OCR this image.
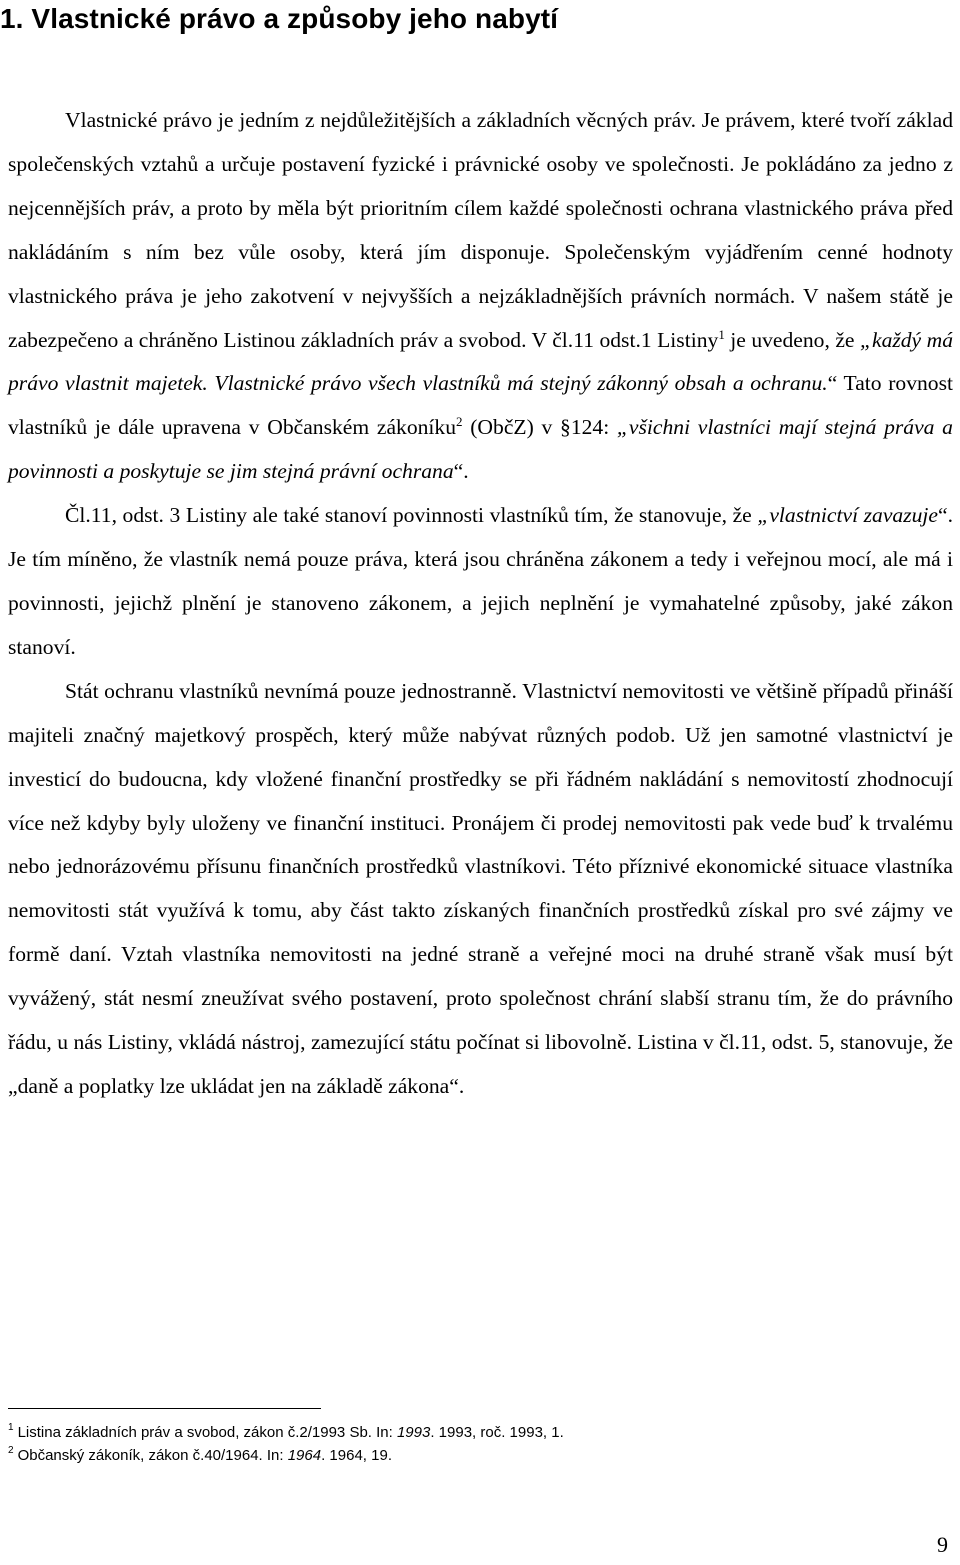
1. Vlastnické právo a způsoby jeho nabytí

Vlastnické právo je jedním z nejdůležitějších a základních věcných práv. Je právem, které tvoří základ společenských vztahů a určuje postavení fyzické i právnické osoby ve společnosti. Je pokládáno za jedno z nejcennějších práv, a proto by měla být prioritním cílem každé společnosti ochrana vlastnického práva před nakládáním s ním bez vůle osoby, která jím disponuje. Společenským vyjádřením cenné hodnoty vlastnického práva je jeho zakotvení v nejvyšších a nejzákladnějších právních normách. V našem státě je zabezpečeno a chráněno Listinou základních práv a svobod. V čl.11 odst.1 Listiny$^1$ je uvedeno, že „každý má právo vlastnit majetek. Vlastnické právo všech vlastníků má stejný zákonný obsah a ochranu.“ Tato rovnost vlastníků je dále upravena v Občanském zákoníku$^2$ (ObčZ) v §124: „všichni vlastníci mají stejná práva a povinnosti a poskytuje se jim stejná právní ochrana“.

Čl.11, odst. 3 Listiny ale také stanoví povinnosti vlastníků tím, že stanovuje, že „vlastnictví zavazuje“. Je tím míněno, že vlastník nemá pouze práva, která jsou chráněna zákonem a tedy i veřejnou mocí, ale má i povinnosti, jejichž plnění je stanoveno zákonem, a jejich neplnění je vymahatelné způsoby, jaké zákon stanoví.

Stát ochranu vlastníků nevnímá pouze jednostranně. Vlastnictví nemovitosti ve většině případů přináší majiteli značný majetkový prospěch, který může nabývat různých podob. Už jen samotné vlastnictví je investicí do budoucna, kdy vložené finanční prostředky se při řádném nakládání s nemovitostí zhodnocují více než kdyby byly uloženy ve finanční instituci. Pronájem či prodej nemovitosti pak vede buď k trvalému nebo jednorázovému přísunu finančních prostředků vlastníkovi. Této příznivé ekonomické situace vlastníka nemovitosti stát využívá k tomu, aby část takto získaných finančních prostředků získal pro své zájmy ve formě daní. Vztah vlastníka nemovitosti na jedné straně a veřejné moci na druhé straně však musí být vyvážený, stát nesmí zneužívat svého postavení, proto společnost chrání slabší stranu tím, že do právního řádu, u nás Listiny, vkládá nástroj, zamezující státu počínat si libovolně. Listina v čl.11, odst. 5, stanovuje, že „daně a poplatky lze ukládat jen na základě zákona“.

$^1$ Listina základních práv a svobod, zákon č.2/1993 Sb. In: 1993. 1993, roč. 1993, 1.
$^2$ Občanský zákoník, zákon č.40/1964. In: 1964. 1964, 19.
9
